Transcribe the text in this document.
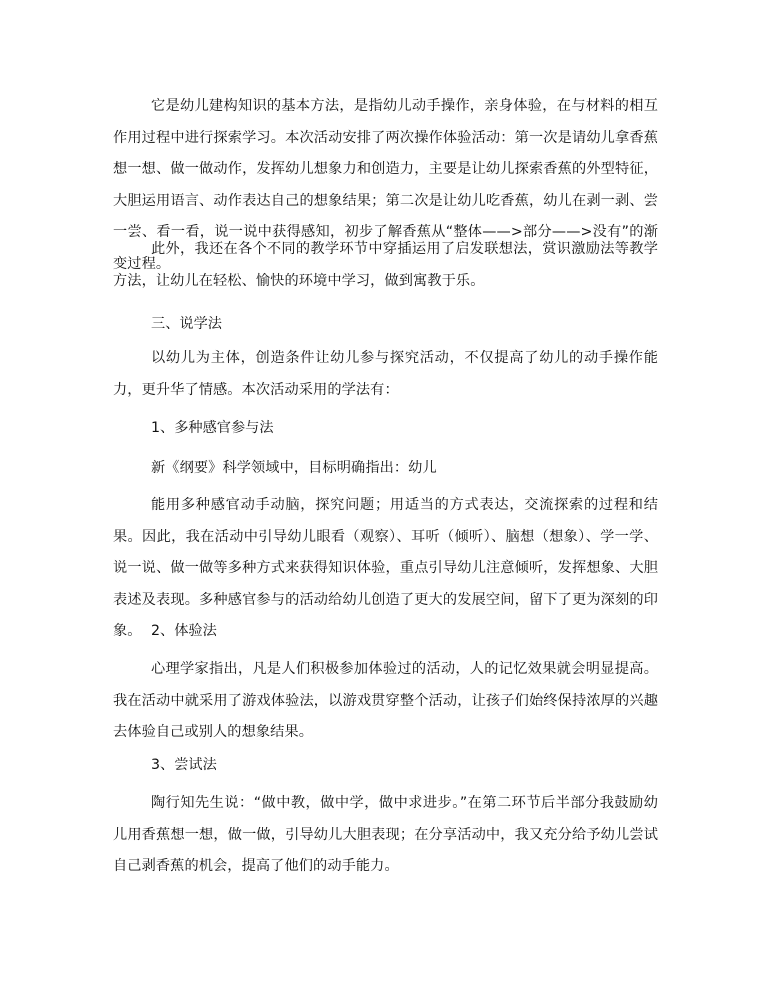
它是幼儿建构知识的基本方法，是指幼儿动手操作，亲身体验，在与材料的相互作用过程中进行探索学习。本次活动安排了两次操作体验活动：第一次是请幼儿拿香蕉想一想、做一做动作，发挥幼儿想象力和创造力，主要是让幼儿探索香蕉的外型特征，大胆运用语言、动作表达自己的想象结果；第二次是让幼儿吃香蕉，幼儿在剥一剥、尝一尝、看一看，说一说中获得感知，初步了解香蕉从“整体——>部分——>没有”的渐变过程。

此外，我还在各个不同的教学环节中穿插运用了启发联想法，赏识激励法等教学方法，让幼儿在轻松、愉快的环境中学习，做到寓教于乐。

三、说学法

以幼儿为主体，创造条件让幼儿参与探究活动，不仅提高了幼儿的动手操作能力，更升华了情感。本次活动采用的学法有：

1、多种感官参与法

新《纲要》科学领域中，目标明确指出：幼儿

能用多种感官动手动脑，探究问题；用适当的方式表达，交流探索的过程和结果。因此，我在活动中引导幼儿眼看（观察）、耳听（倾听）、脑想（想象）、学一学、说一说、做一做等多种方式来获得知识体验，重点引导幼儿注意倾听，发挥想象、大胆表述及表现。多种感官参与的活动给幼儿创造了更大的发展空间，留下了更为深刻的印象。 2、体验法

心理学家指出，凡是人们积极参加体验过的活动，人的记忆效果就会明显提高。我在活动中就采用了游戏体验法，以游戏贯穿整个活动，让孩子们始终保持浓厚的兴趣去体验自己或别人的想象结果。

3、尝试法

陶行知先生说：“做中教，做中学，做中求进步。”在第二环节后半部分我鼓励幼儿用香蕉想一想，做一做，引导幼儿大胆表现；在分享活动中，我又充分给予幼儿尝试自己剥香蕉的机会，提高了他们的动手能力。
